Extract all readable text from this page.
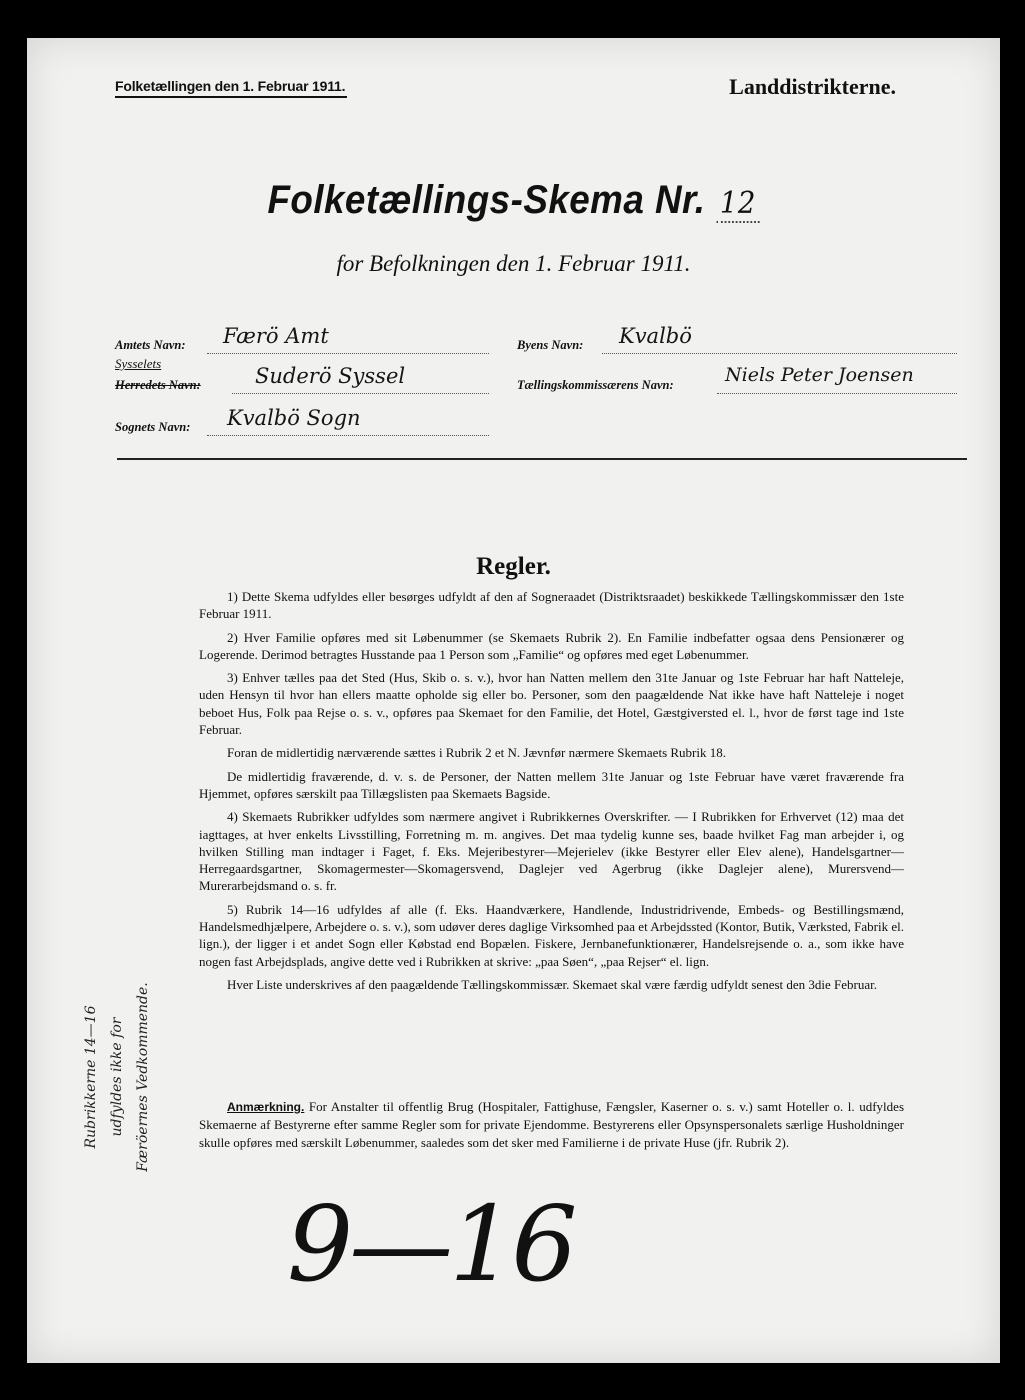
Folketællingen den 1. Februar 1911.	Landdistrikterne.
Folketællings-Skema Nr. 12
for Befolkningen den 1. Februar 1911.
Amtets Navn: Færö Amt
Sysselets
Herredets Navn:	Suderö Syssel
Sognets Navn: Kvalbö Sogn
Byens Navn: Kvalbö
Tællingskommissærens Navn:	Niels Peter Joensen
Regler.

1) Dette Skema udfyldes eller besørges udfyldt af den af Sogneraadet (Distriktsraadet) beskikkede Tællingskommissær den 1ste Februar 1911.

2) Hver Familie opføres med sit Løbenummer (se Skemaets Rubrik 2). En Familie indbefatter ogsaa dens Pensionærer og Logerende. Derimod betragtes Husstande paa 1 Person som „Familie“ og opføres med eget Løbenummer.

3) Enhver tælles paa det Sted (Hus, Skib o. s. v.), hvor han Natten mellem den 31te Januar og 1ste Februar har haft Natteleje, uden Hensyn til hvor han ellers maatte opholde sig eller bo. Personer, som den paagældende Nat ikke have haft Natteleje i noget beboet Hus, Folk paa Rejse o. s. v., opføres paa Skemaet for den Familie, det Hotel, Gæstgiversted el. l., hvor de først tage ind 1ste Februar.

Foran de midlertidig nærværende sættes i Rubrik 2 et N. Jævnfør nærmere Skemaets Rubrik 18.

De midlertidig fraværende, d. v. s. de Personer, der Natten mellem 31te Januar og 1ste Februar have været fraværende fra Hjemmet, opføres særskilt paa Tillægslisten paa Skemaets Bagside.

4) Skemaets Rubrikker udfyldes som nærmere angivet i Rubrikkernes Overskrifter. — I Rubrikken for Erhvervet (12) maa det iagttages, at hver enkelts Livsstilling, Forretning m. m. angives. Det maa tydelig kunne ses, baade hvilket Fag man arbejder i, og hvilken Stilling man indtager i Faget, f. Eks. Mejeribestyrer—Mejerielev (ikke Bestyrer eller Elev alene), Handelsgartner—Herregaardsgartner, Skomagermester—Skomagersvend, Daglejer ved Agerbrug (ikke Daglejer alene), Murersvend—Murerarbejdsmand o. s. fr.

5) Rubrik 14—16 udfyldes af alle (f. Eks. Haandværkere, Handlende, Industridrivende, Embeds- og Bestillingsmænd, Handelsmedhjælpere, Arbejdere o. s. v.), som udøver deres daglige Virksomhed paa et Arbejdssted (Kontor, Butik, Værksted, Fabrik el. lign.), der ligger i et andet Sogn eller Købstad end Bopælen. Fiskere, Jernbanefunktionærer, Handelsrejsende o. a., som ikke have nogen fast Arbejdsplads, angive dette ved i Rubrikken at skrive: „paa Søen“, „paa Rejser“ el. lign.

Hver Liste underskrives af den paagældende Tællingskommissær. Skemaet skal være færdig udfyldt senest den 3die Februar.

Anmærkning. For Anstalter til offentlig Brug (Hospitaler, Fattighuse, Fængsler, Kaserner o. s. v.) samt Hoteller o. l. udfyldes Skemaerne af Bestyrerne efter samme Regler som for private Ejendomme. Bestyrerens eller Opsynspersonalets særlige Husholdninger skulle opføres med særskilt Løbenummer, saaledes som det sker med Familierne i de private Huse (jfr. Rubrik 2).

Rubrikkerne 14—16 udfyldes ikke for Færöernes Vedkommende.
9—16
